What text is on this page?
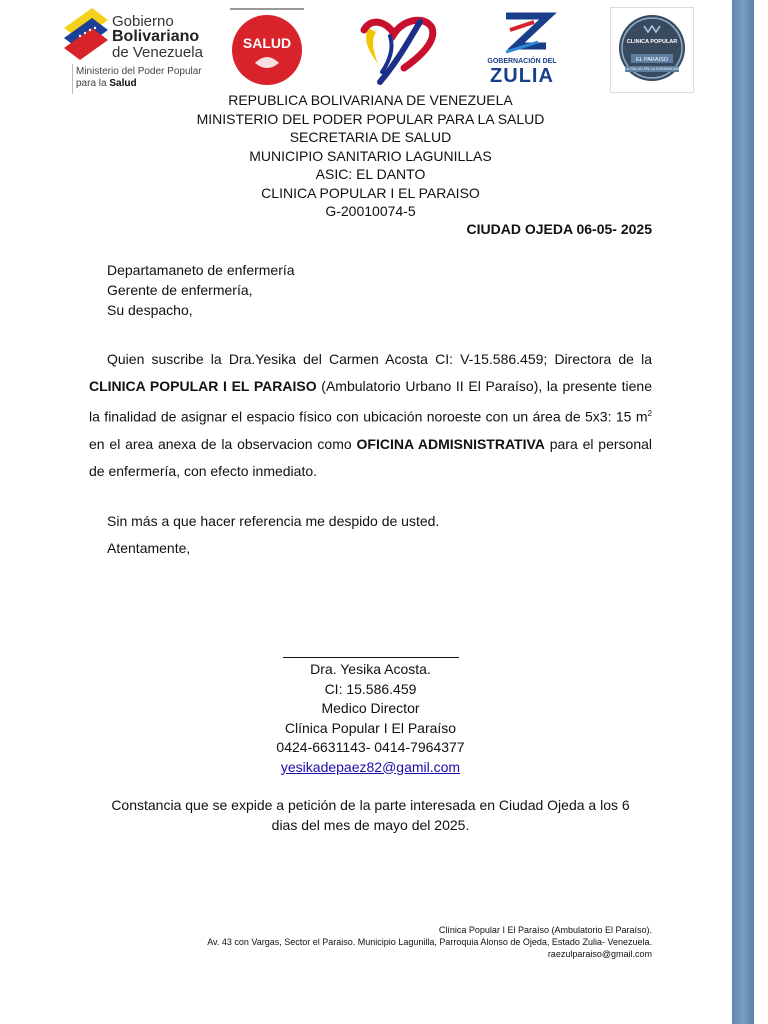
Gobierno
Bolivariano
de Venezuela
Ministerio del Poder Popular
para la Salud
SALUD
GOBERNACIÓN DEL
ZULIA
CLINICA POPULAR
EL PARAISO
LA SALUD EN LA COMUNIDAD
REPUBLICA BOLIVARIANA DE VENEZUELA
MINISTERIO DEL PODER POPULAR PARA LA SALUD
SECRETARIA DE SALUD
MUNICIPIO SANITARIO LAGUNILLAS
ASIC: EL DANTO
CLINICA POPULAR I EL PARAISO
G-20010074-5
CIUDAD OJEDA 06-05- 2025
Departamaneto de enfermería
Gerente de enfermería,
Su despacho,
Quien suscribe la Dra.Yesika del Carmen Acosta CI: V-15.586.459; Directora de la CLINICA POPULAR I EL PARAISO (Ambulatorio Urbano II El Paraíso), la presente tiene la finalidad de asignar el espacio físico con ubicación noroeste con un área de 5x3: 15 $m^2$ en el area anexa de la observacion como OFICINA ADMISNISTRATIVA para el personal de enfermería, con efecto inmediato.
Sin más a que hacer referencia me despido de usted.
Atentamente,
Dra. Yesika Acosta.
CI: 15.586.459
Medico Director
Clínica Popular I El Paraíso
0424-6631143- 0414-7964377
yesikadepaez82@gamil.com
Constancia que se expide a petición de la parte interesada en Ciudad Ojeda a los 6
dias del mes de mayo del 2025.
Clínica Popular I El Paraíso (Ambulatorio El Paraíso).
Av. 43 con Vargas, Sector el Paraiso. Municipio Lagunilla, Parroquia Alonso de Ojeda, Estado Zulia- Venezuela.
raezulparaiso@gmail.com
